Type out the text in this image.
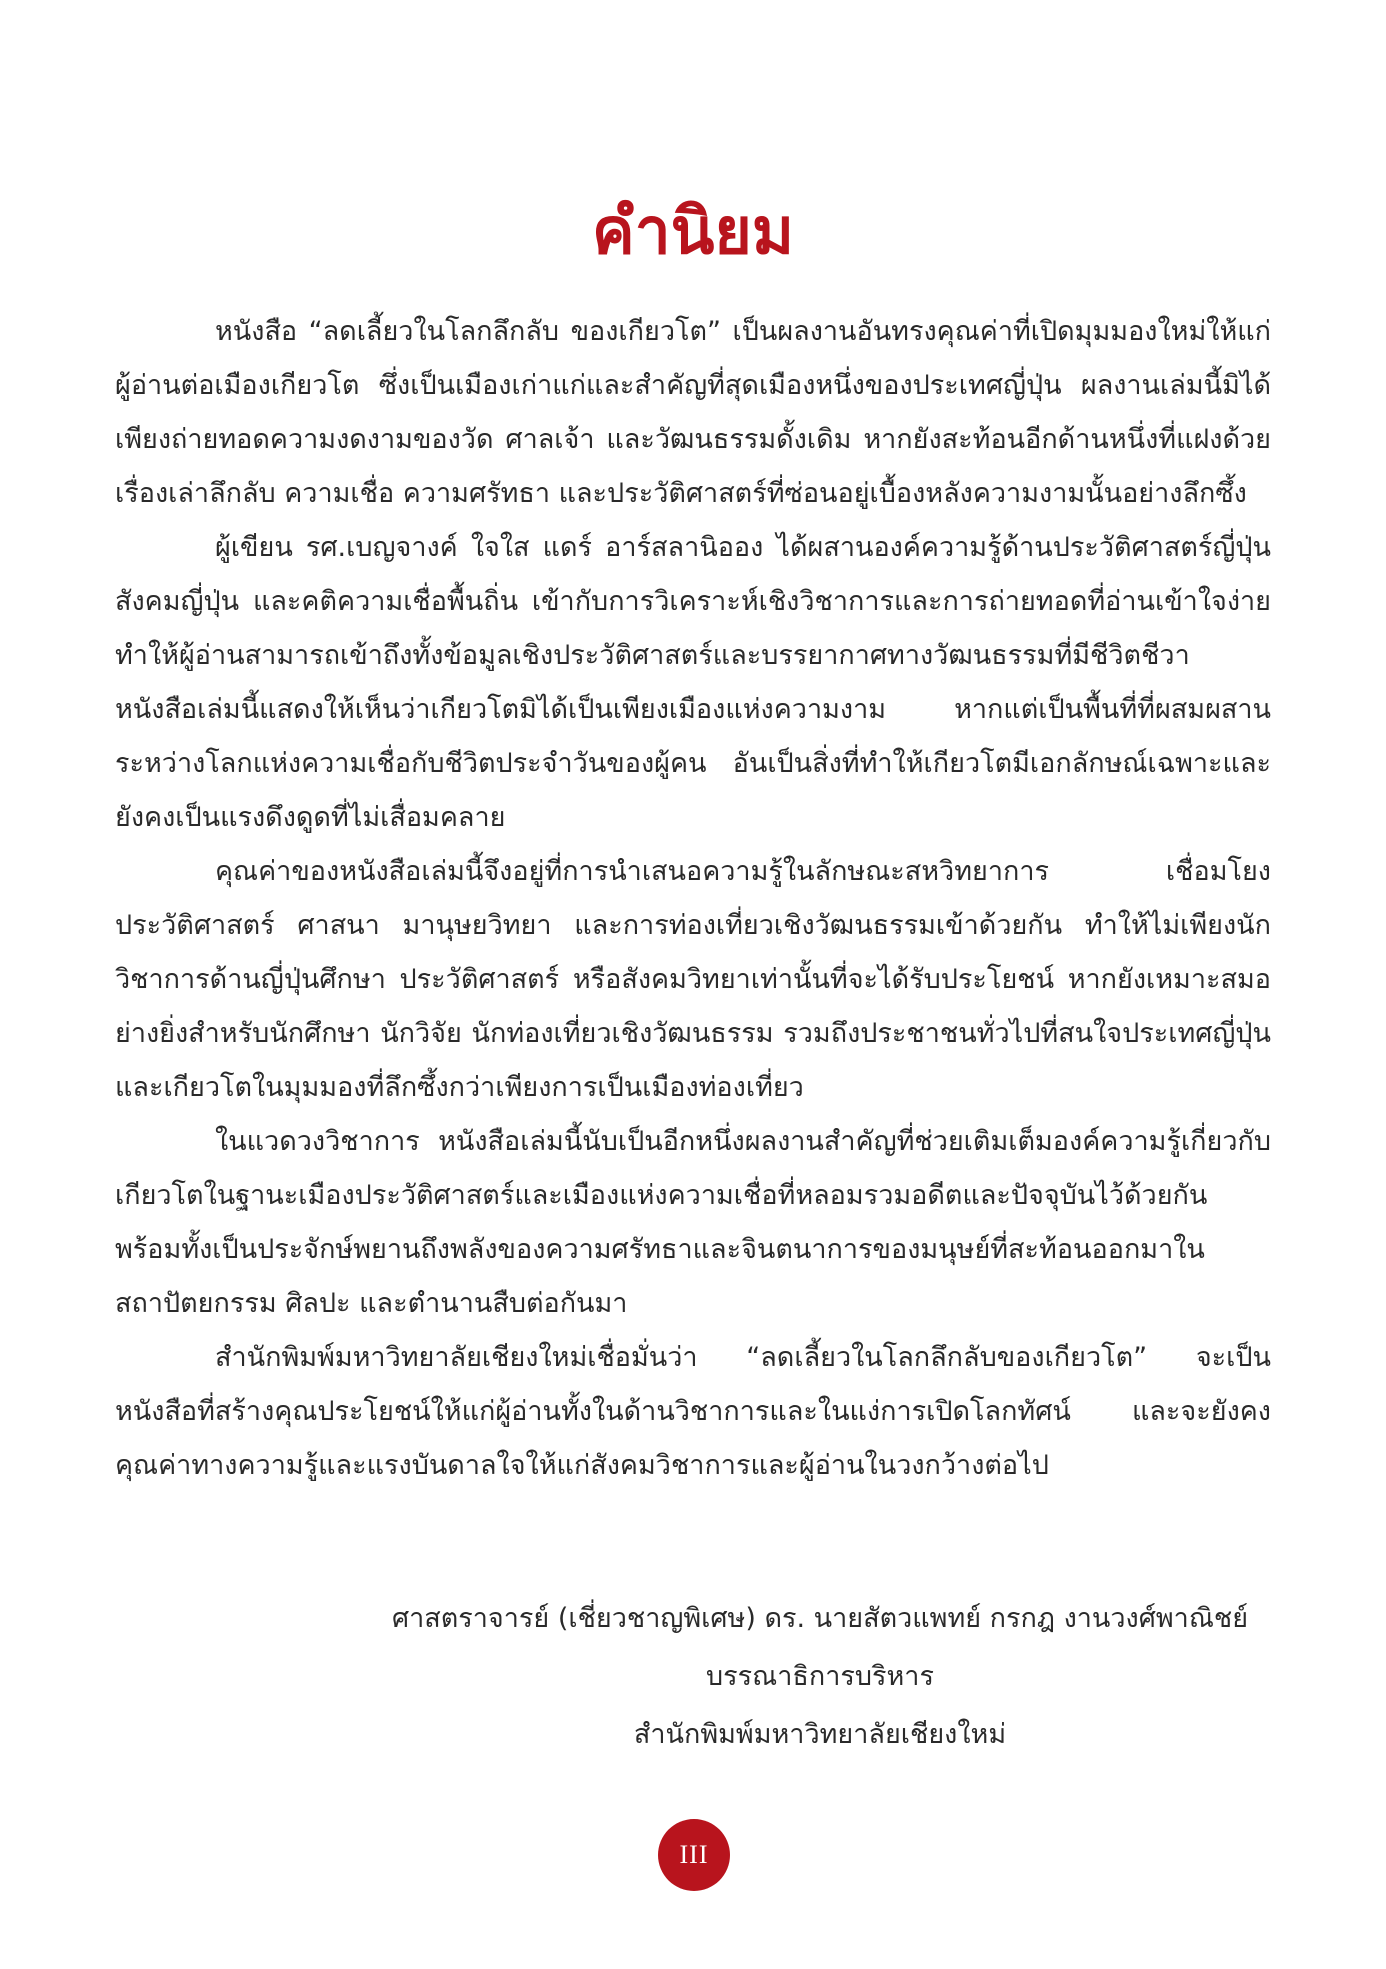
คำนิยม

หนังสือ “ลดเลี้ยวในโลกลึกลับ ของเกียวโต” เป็นผลงานอันทรงคุณค่าที่เปิดมุมมองใหม่ให้แก่ผู้อ่านต่อเมืองเกียวโต ซึ่งเป็นเมืองเก่าแก่และสำคัญที่สุดเมืองหนึ่งของประเทศญี่ปุ่น ผลงานเล่มนี้มิได้เพียงถ่ายทอดความงดงามของวัด ศาลเจ้า และวัฒนธรรมดั้งเดิม หากยังสะท้อนอีกด้านหนึ่งที่แฝงด้วยเรื่องเล่าลึกลับ ความเชื่อ ความศรัทธา และประวัติศาสตร์ที่ซ่อนอยู่เบื้องหลังความงามนั้นอย่างลึกซึ้ง

ผู้เขียน รศ.เบญจางค์ ใจใส แดร์ อาร์สลานิออง ได้ผสานองค์ความรู้ด้านประวัติศาสตร์ญี่ปุ่น สังคมญี่ปุ่น และคติความเชื่อพื้นถิ่น เข้ากับการวิเคราะห์เชิงวิชาการและการถ่ายทอดที่อ่านเข้าใจง่าย ทำให้ผู้อ่านสามารถเข้าถึงทั้งข้อมูลเชิงประวัติศาสตร์และบรรยากาศทางวัฒนธรรมที่มีชีวิตชีวา หนังสือเล่มนี้แสดงให้เห็นว่าเกียวโตมิได้เป็นเพียงเมืองแห่งความงาม หากแต่เป็นพื้นที่ที่ผสมผสานระหว่างโลกแห่งความเชื่อกับชีวิตประจำวันของผู้คน อันเป็นสิ่งที่ทำให้เกียวโตมีเอกลักษณ์เฉพาะและยังคงเป็นแรงดึงดูดที่ไม่เสื่อมคลาย

คุณค่าของหนังสือเล่มนี้จึงอยู่ที่การนำเสนอความรู้ในลักษณะสหวิทยาการ เชื่อมโยงประวัติศาสตร์ ศาสนา มานุษยวิทยา และการท่องเที่ยวเชิงวัฒนธรรมเข้าด้วยกัน ทำให้ไม่เพียงนักวิชาการด้านญี่ปุ่นศึกษา ประวัติศาสตร์ หรือสังคมวิทยาเท่านั้นที่จะได้รับประโยชน์ หากยังเหมาะสมอย่างยิ่งสำหรับนักศึกษา นักวิจัย นักท่องเที่ยวเชิงวัฒนธรรม รวมถึงประชาชนทั่วไปที่สนใจประเทศญี่ปุ่นและเกียวโตในมุมมองที่ลึกซึ้งกว่าเพียงการเป็นเมืองท่องเที่ยว

ในแวดวงวิชาการ หนังสือเล่มนี้นับเป็นอีกหนึ่งผลงานสำคัญที่ช่วยเติมเต็มองค์ความรู้เกี่ยวกับเกียวโตในฐานะเมืองประวัติศาสตร์และเมืองแห่งความเชื่อที่หลอมรวมอดีตและปัจจุบันไว้ด้วยกัน พร้อมทั้งเป็นประจักษ์พยานถึงพลังของความศรัทธาและจินตนาการของมนุษย์ที่สะท้อนออกมาในสถาปัตยกรรม ศิลปะ และตำนานสืบต่อกันมา

สำนักพิมพ์มหาวิทยาลัยเชียงใหม่เชื่อมั่นว่า “ลดเลี้ยวในโลกลึกลับของเกียวโต” จะเป็นหนังสือที่สร้างคุณประโยชน์ให้แก่ผู้อ่านทั้งในด้านวิชาการและในแง่การเปิดโลกทัศน์ และจะยังคงคุณค่าทางความรู้และแรงบันดาลใจให้แก่สังคมวิชาการและผู้อ่านในวงกว้างต่อไป

ศาสตราจารย์ (เชี่ยวชาญพิเศษ) ดร. นายสัตวแพทย์ กรกฎ งานวงศ์พาณิชย์
บรรณาธิการบริหาร
สำนักพิมพ์มหาวิทยาลัยเชียงใหม่
III
